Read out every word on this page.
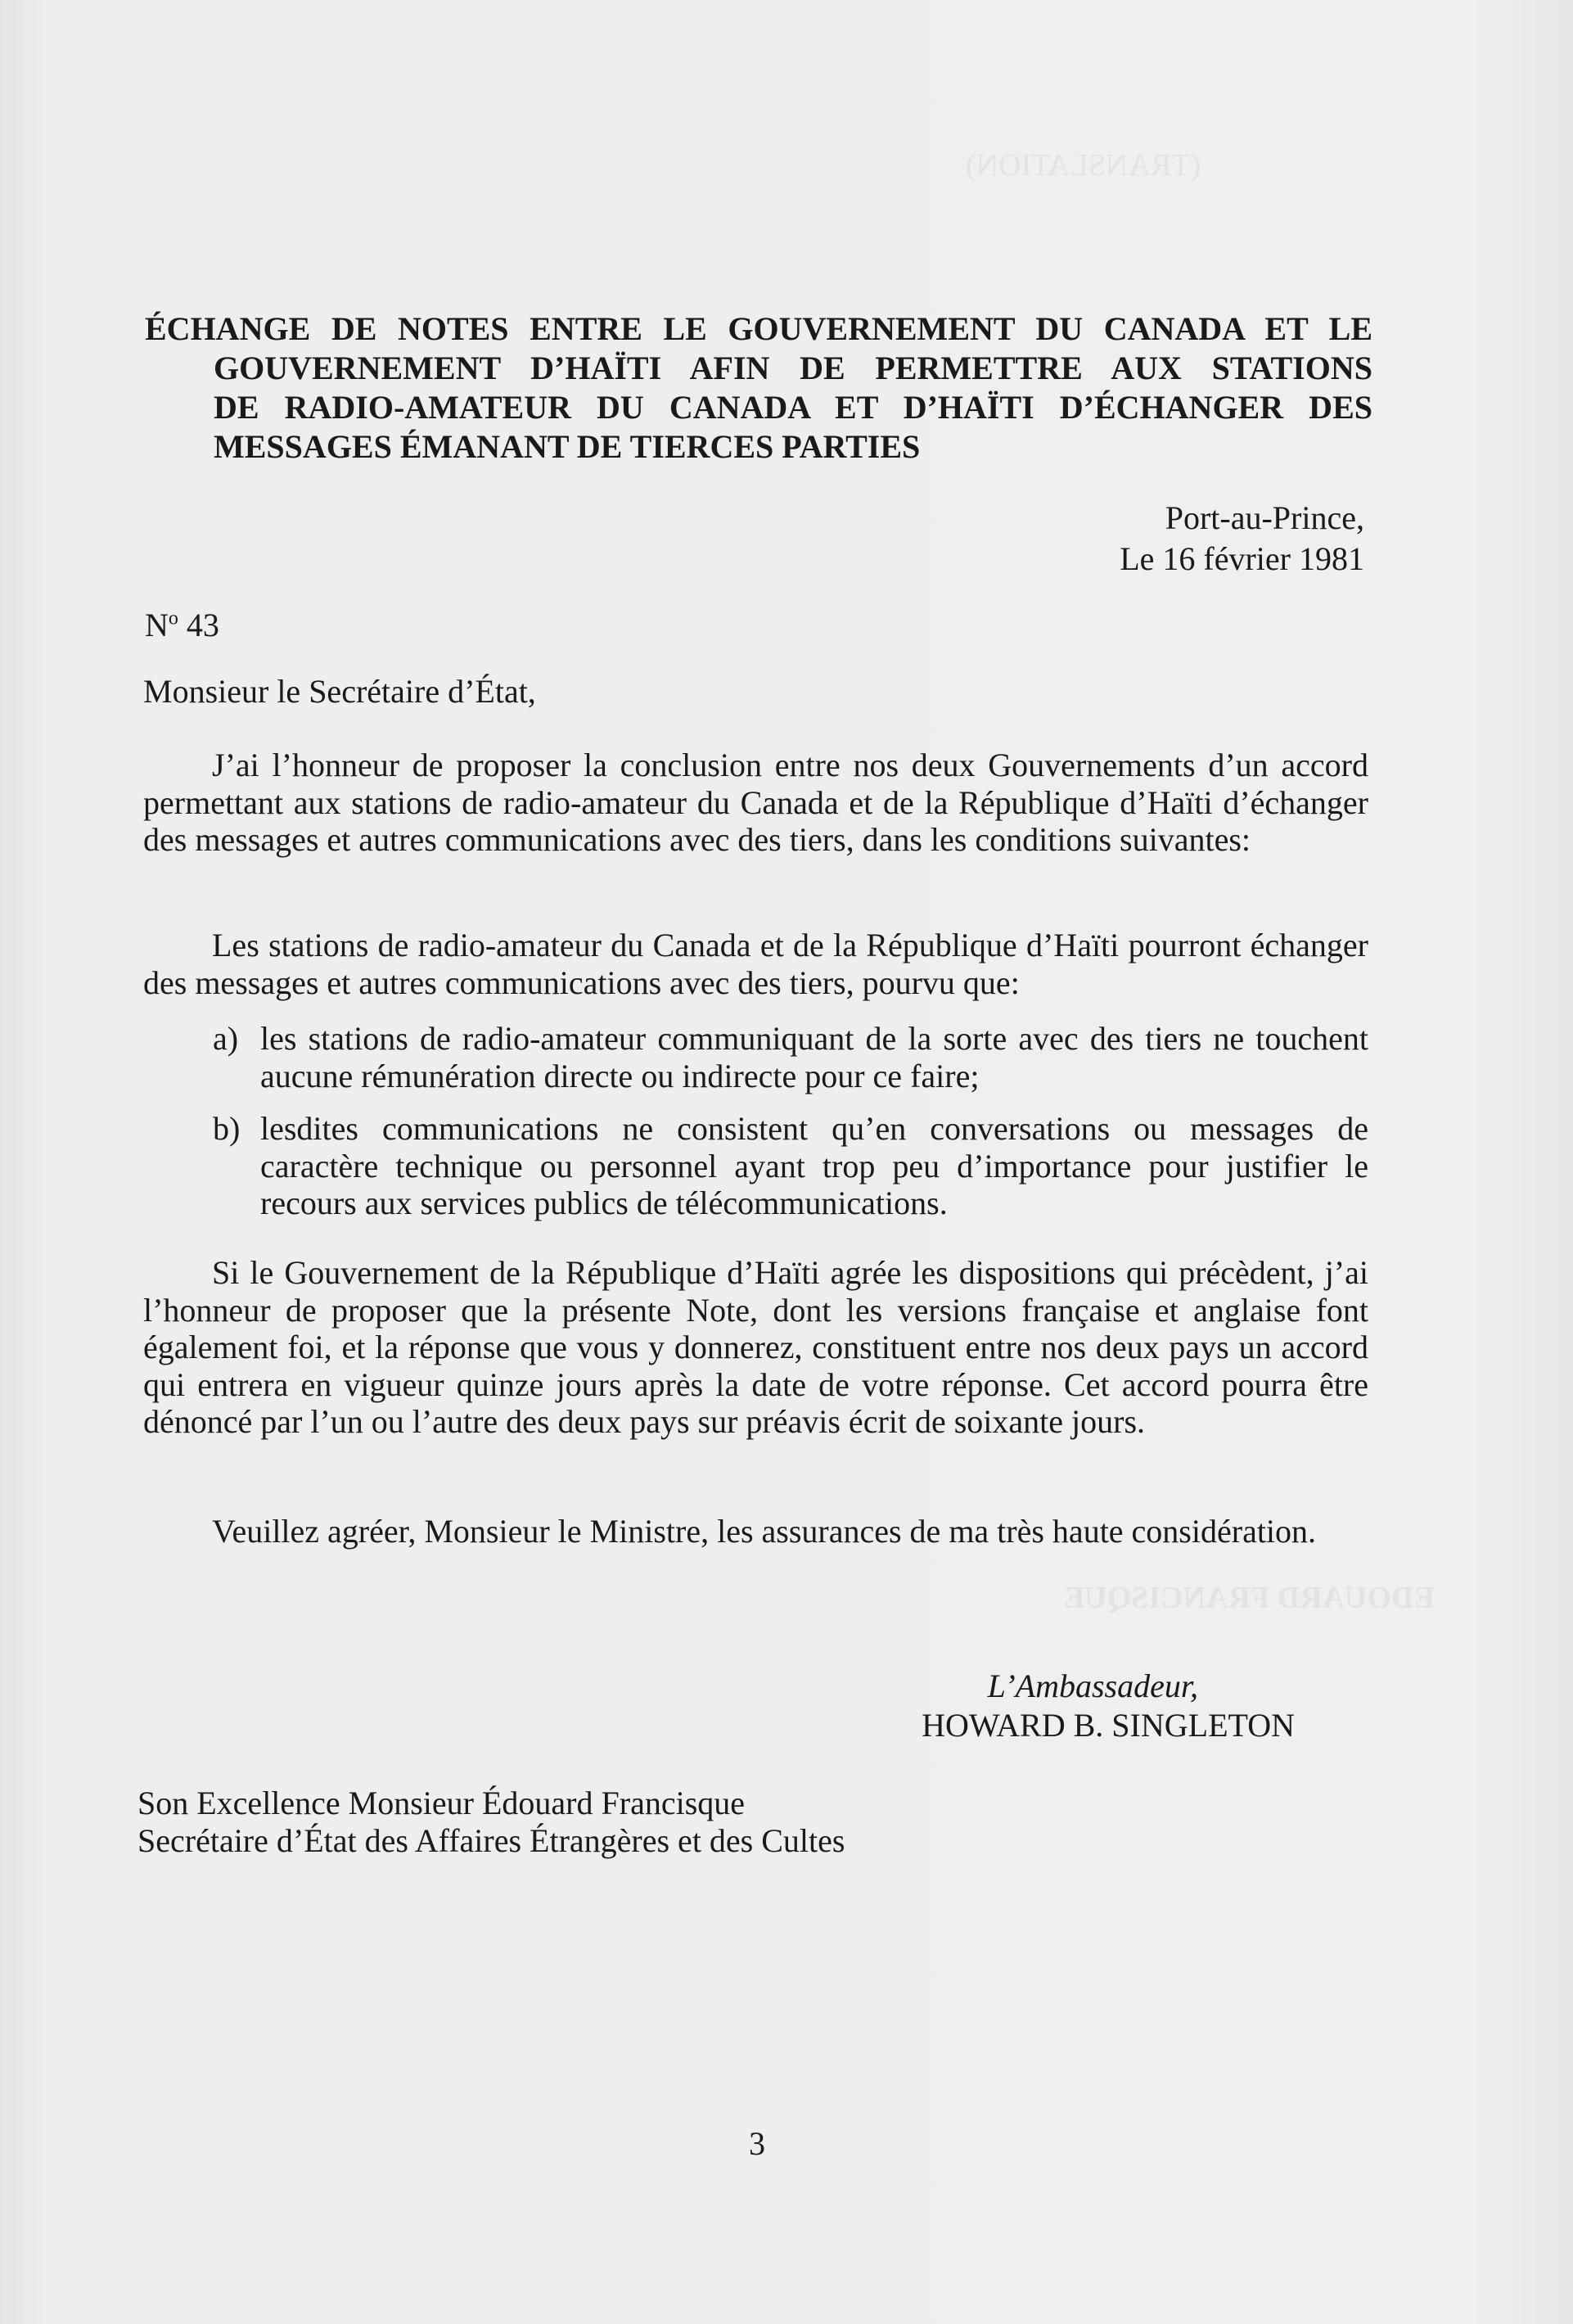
(TRANSLATION)
EDOUARD FRANCISQUE
ÉCHANGE DE NOTES ENTRE LE GOUVERNEMENT DU CANADA ET LE
GOUVERNEMENT D’HAÏTI AFIN DE PERMETTRE AUX STATIONS
DE RADIO-AMATEUR DU CANADA ET D’HAÏTI D’ÉCHANGER DES
MESSAGES ÉMANANT DE TIERCES PARTIES
Port-au-Prince,
Le 16 février 1981
$N^o$ 43

Monsieur le Secrétaire d’État,

J’ai l’honneur de proposer la conclusion entre nos deux Gouvernements d’un accord permettant aux stations de radio-amateur du Canada et de la République d’Haïti d’échanger des messages et autres communications avec des tiers, dans les conditions suivantes:

Les stations de radio-amateur du Canada et de la République d’Haïti pourront échanger des messages et autres communications avec des tiers, pourvu que:

a) les stations de radio-amateur communiquant de la sorte avec des tiers ne touchent aucune rémunération directe ou indirecte pour ce faire;
b) lesdites communications ne consistent qu’en conversations ou messages de caractère technique ou personnel ayant trop peu d’importance pour justifier le recours aux services publics de télécommunications.

Si le Gouvernement de la République d’Haïti agrée les dispositions qui précèdent, j’ai l’honneur de proposer que la présente Note, dont les versions française et anglaise font également foi, et la réponse que vous y donnerez, constituent entre nos deux pays un accord qui entrera en vigueur quinze jours après la date de votre réponse. Cet accord pourra être dénoncé par l’un ou l’autre des deux pays sur préavis écrit de soixante jours.

Veuillez agréer, Monsieur le Ministre, les assurances de ma très haute considération.

L’Ambassadeur,
HOWARD B. SINGLETON
Son Excellence Monsieur Édouard Francisque
Secrétaire d’État des Affaires Étrangères et des Cultes
3
